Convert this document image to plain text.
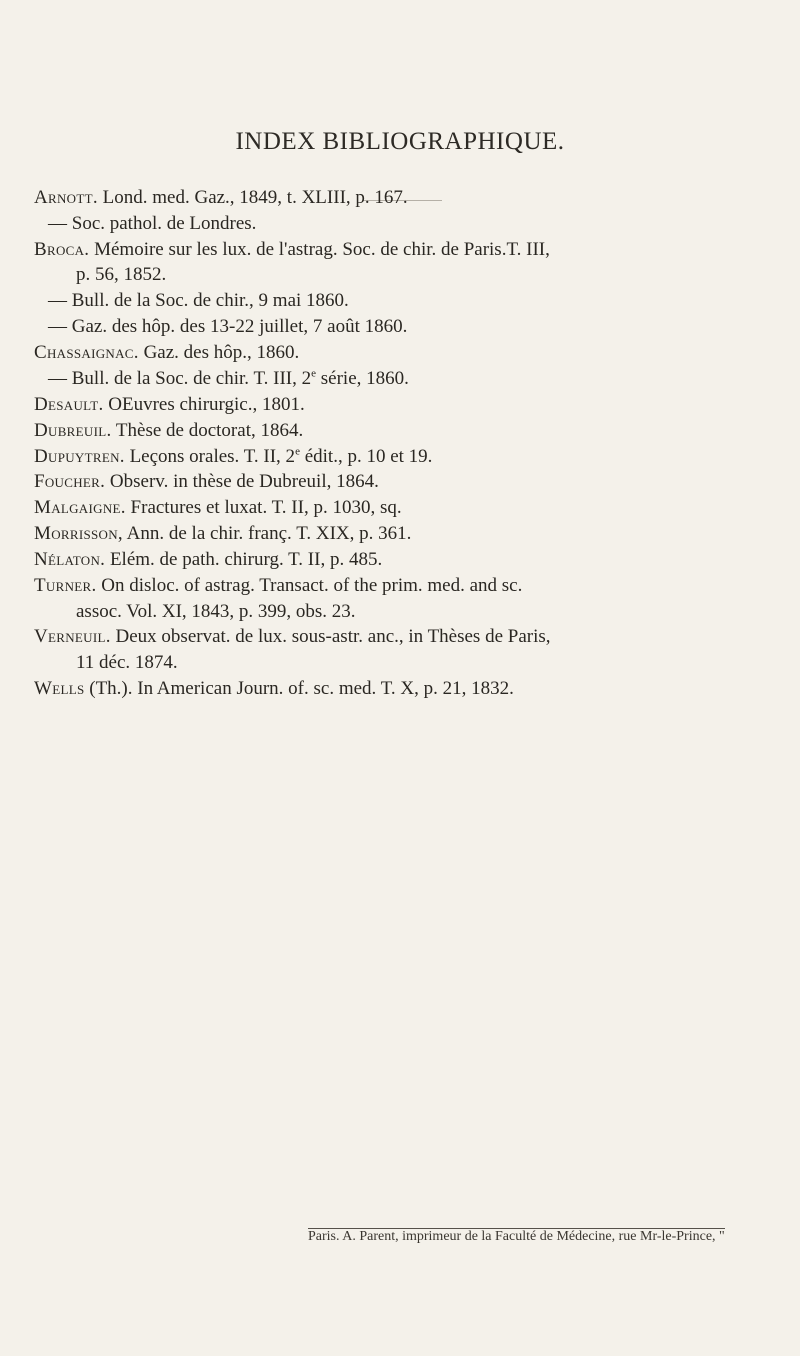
INDEX BIBLIOGRAPHIQUE.
Arnott. Lond. med. Gaz., 1849, t. XLIII, p. 167.
— Soc. pathol. de Londres.
Broca. Mémoire sur les lux. de l'astrag. Soc. de chir. de Paris.T. III,
p. 56, 1852.
— Bull. de la Soc. de chir., 9 mai 1860.
— Gaz. des hôp. des 13-22 juillet, 7 août 1860.
Chassaignac. Gaz. des hôp., 1860.
— Bull. de la Soc. de chir. T. III, 2e série, 1860.
Desault. OEuvres chirurgic., 1801.
Dubreuil. Thèse de doctorat, 1864.
Dupuytren. Leçons orales. T. II, 2e édit., p. 10 et 19.
Foucher. Observ. in thèse de Dubreuil, 1864.
Malgaigne. Fractures et luxat. T. II, p. 1030, sq.
Morrisson, Ann. de la chir. franç. T. XIX, p. 361.
Nélaton. Elém. de path. chirurg. T. II, p. 485.
Turner. On disloc. of astrag. Transact. of the prim. med. and sc.
assoc. Vol. XI, 1843, p. 399, obs. 23.
Verneuil. Deux observat. de lux. sous-astr. anc., in Thèses de Paris,
11 déc. 1874.
Wells (Th.). In American Journ. of. sc. med. T. X, p. 21, 1832.
Paris. A. Parent, imprimeur de la Faculté de Médecine, rue Mr-le-Prince, "
